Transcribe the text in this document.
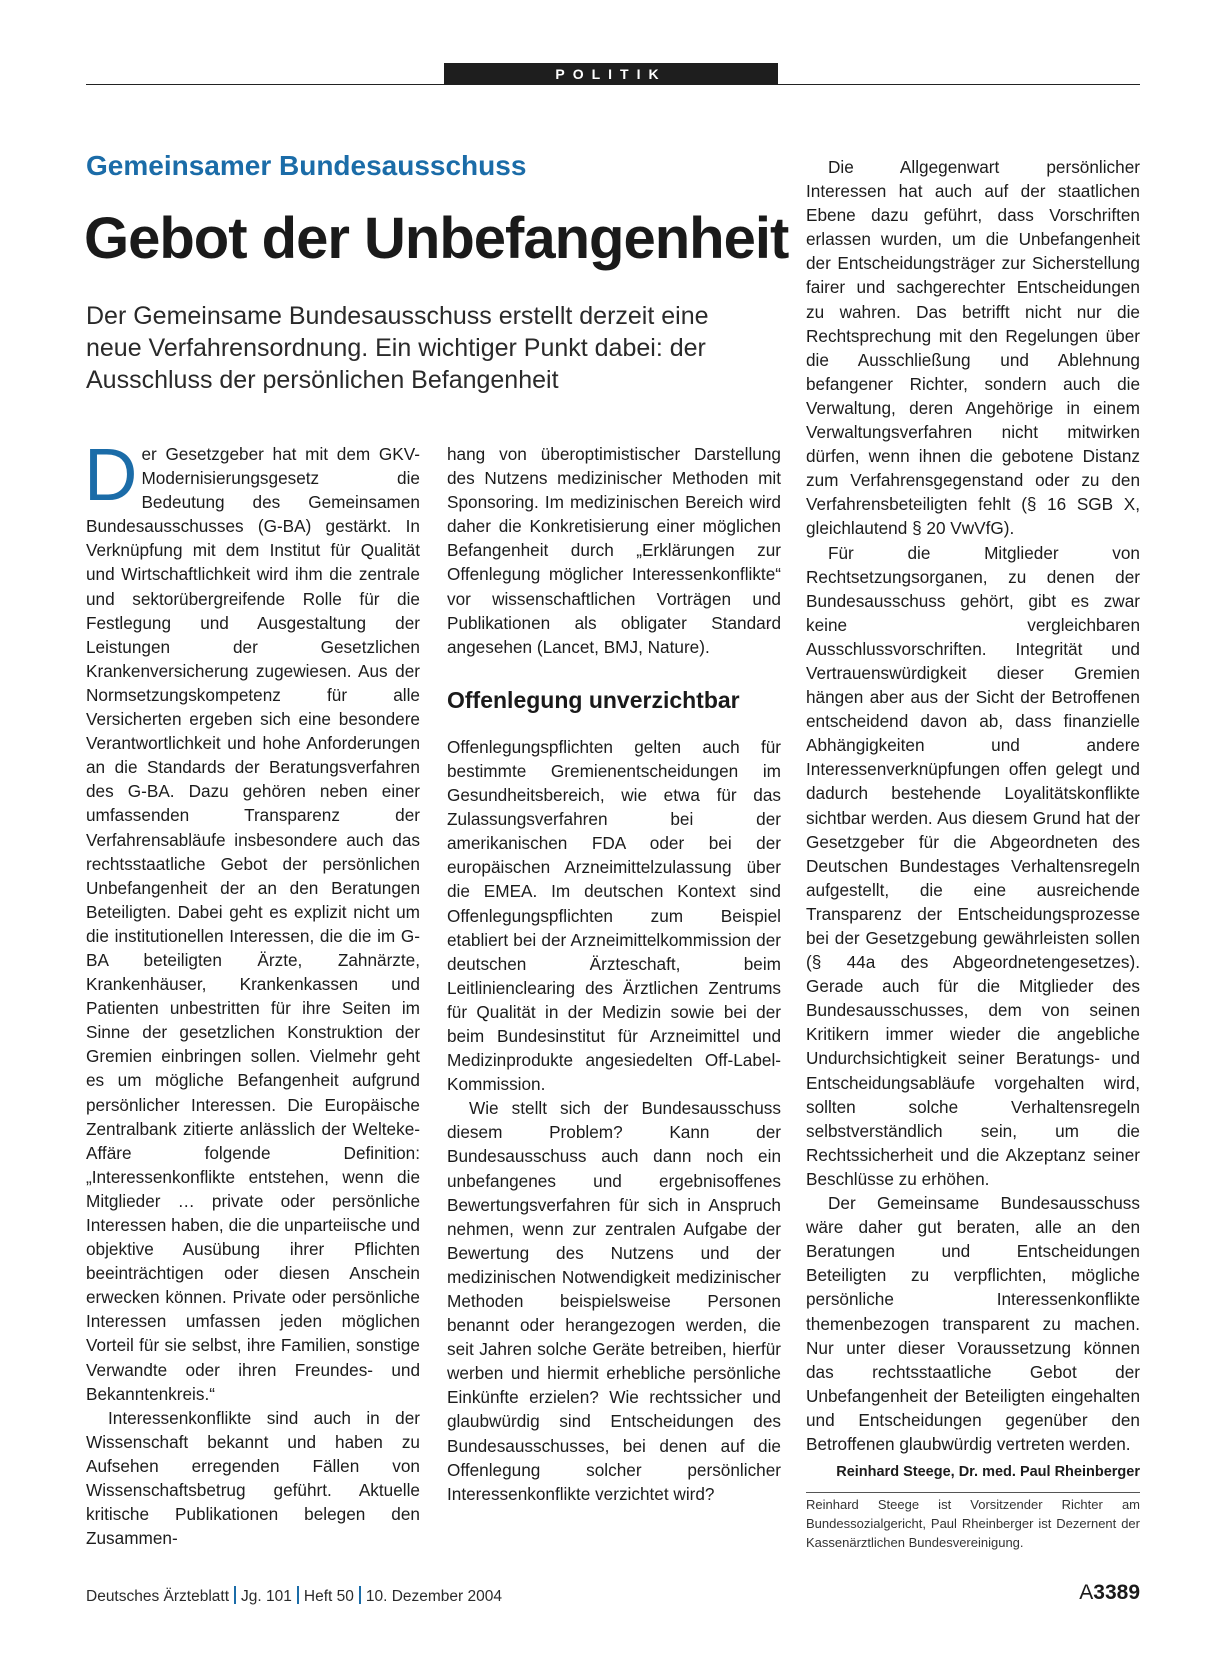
POLITIK
Gemeinsamer Bundesausschuss
Gebot der Unbefangenheit

Der Gemeinsame Bundesausschuss erstellt derzeit eine neue Verfahrensordnung. Ein wichtiger Punkt dabei: der Ausschluss der persönlichen Befangenheit

Der Gesetzgeber hat mit dem GKV-Modernisierungsgesetz die Bedeutung des Gemeinsamen Bundesausschusses (G-BA) gestärkt. In Verknüpfung mit dem Institut für Qualität und Wirtschaftlichkeit wird ihm die zentrale und sektorübergreifende Rolle für die Festlegung und Ausgestaltung der Leistungen der Gesetzlichen Krankenversicherung zugewiesen. Aus der Normsetzungskompetenz für alle Versicherten ergeben sich eine besondere Verantwortlichkeit und hohe Anforderungen an die Standards der Beratungsverfahren des G-BA. Dazu gehören neben einer umfassenden Transparenz der Verfahrensabläufe insbesondere auch das rechtsstaatliche Gebot der persönlichen Unbefangenheit der an den Beratungen Beteiligten. Dabei geht es explizit nicht um die institutionellen Interessen, die die im G-BA beteiligten Ärzte, Zahnärzte, Krankenhäuser, Krankenkassen und Patienten unbestritten für ihre Seiten im Sinne der gesetzlichen Konstruktion der Gremien einbringen sollen. Vielmehr geht es um mögliche Befangenheit aufgrund persönlicher Interessen. Die Europäische Zentralbank zitierte anlässlich der Welteke-Affäre folgende Definition: „Interessenkonflikte entstehen, wenn die Mitglieder … private oder persönliche Interessen haben, die die unparteiische und objektive Ausübung ihrer Pflichten beeinträchtigen oder diesen Anschein erwecken können. Private oder persönliche Interessen umfassen jeden möglichen Vorteil für sie selbst, ihre Familien, sonstige Verwandte oder ihren Freundes- und Bekanntenkreis.“

Interessenkonflikte sind auch in der Wissenschaft bekannt und haben zu Aufsehen erregenden Fällen von Wissenschaftsbetrug geführt. Aktuelle kritische Publikationen belegen den Zusammen-

hang von überoptimistischer Darstellung des Nutzens medizinischer Methoden mit Sponsoring. Im medizinischen Bereich wird daher die Konkretisierung einer möglichen Befangenheit durch „Erklärungen zur Offenlegung möglicher Interessenkonflikte“ vor wissenschaftlichen Vorträgen und Publikationen als obligater Standard angesehen (Lancet, BMJ, Nature).

Offenlegung unverzichtbar

Offenlegungspflichten gelten auch für bestimmte Gremienentscheidungen im Gesundheitsbereich, wie etwa für das Zulassungsverfahren bei der amerikanischen FDA oder bei der europäischen Arzneimittelzulassung über die EMEA. Im deutschen Kontext sind Offenlegungspflichten zum Beispiel etabliert bei der Arzneimittelkommission der deutschen Ärzteschaft, beim Leitlinienclearing des Ärztlichen Zentrums für Qualität in der Medizin sowie bei der beim Bundesinstitut für Arzneimittel und Medizinprodukte angesiedelten Off-Label-Kommission.

Wie stellt sich der Bundesausschuss diesem Problem? Kann der Bundesausschuss auch dann noch ein unbefangenes und ergebnisoffenes Bewertungsverfahren für sich in Anspruch nehmen, wenn zur zentralen Aufgabe der Bewertung des Nutzens und der medizinischen Notwendigkeit medizinischer Methoden beispielsweise Personen benannt oder herangezogen werden, die seit Jahren solche Geräte betreiben, hierfür werben und hiermit erhebliche persönliche Einkünfte erzielen? Wie rechtssicher und glaubwürdig sind Entscheidungen des Bundesausschusses, bei denen auf die Offenlegung solcher persönlicher Interessenkonflikte verzichtet wird?

Die Allgegenwart persönlicher Interessen hat auch auf der staatlichen Ebene dazu geführt, dass Vorschriften erlassen wurden, um die Unbefangenheit der Entscheidungsträger zur Sicherstellung fairer und sachgerechter Entscheidungen zu wahren. Das betrifft nicht nur die Rechtsprechung mit den Regelungen über die Ausschließung und Ablehnung befangener Richter, sondern auch die Verwaltung, deren Angehörige in einem Verwaltungsverfahren nicht mitwirken dürfen, wenn ihnen die gebotene Distanz zum Verfahrensgegenstand oder zu den Verfahrensbeteiligten fehlt (§ 16 SGB X, gleichlautend § 20 VwVfG).

Für die Mitglieder von Rechtsetzungsorganen, zu denen der Bundesausschuss gehört, gibt es zwar keine vergleichbaren Ausschlussvorschriften. Integrität und Vertrauenswürdigkeit dieser Gremien hängen aber aus der Sicht der Betroffenen entscheidend davon ab, dass finanzielle Abhängigkeiten und andere Interessenverknüpfungen offen gelegt und dadurch bestehende Loyalitätskonflikte sichtbar werden. Aus diesem Grund hat der Gesetzgeber für die Abgeordneten des Deutschen Bundestages Verhaltensregeln aufgestellt, die eine ausreichende Transparenz der Entscheidungsprozesse bei der Gesetzgebung gewährleisten sollen (§ 44a des Abgeordnetengesetzes). Gerade auch für die Mitglieder des Bundesausschusses, dem von seinen Kritikern immer wieder die angebliche Undurchsichtigkeit seiner Beratungs- und Entscheidungsabläufe vorgehalten wird, sollten solche Verhaltensregeln selbstverständlich sein, um die Rechtssicherheit und die Akzeptanz seiner Beschlüsse zu erhöhen.

Der Gemeinsame Bundesausschuss wäre daher gut beraten, alle an den Beratungen und Entscheidungen Beteiligten zu verpflichten, mögliche persönliche Interessenkonflikte themenbezogen transparent zu machen. Nur unter dieser Voraussetzung können das rechtsstaatliche Gebot der Unbefangenheit der Beteiligten eingehalten und Entscheidungen gegenüber den Betroffenen glaubwürdig vertreten werden.

Reinhard Steege, Dr. med. Paul Rheinberger

Reinhard Steege ist Vorsitzender Richter am Bundessozialgericht, Paul Rheinberger ist Dezernent der Kassenärztlichen Bundesvereinigung.

Deutsches Ärzteblatt Jg. 101 Heft 50 10. Dezember 2004	A3389
